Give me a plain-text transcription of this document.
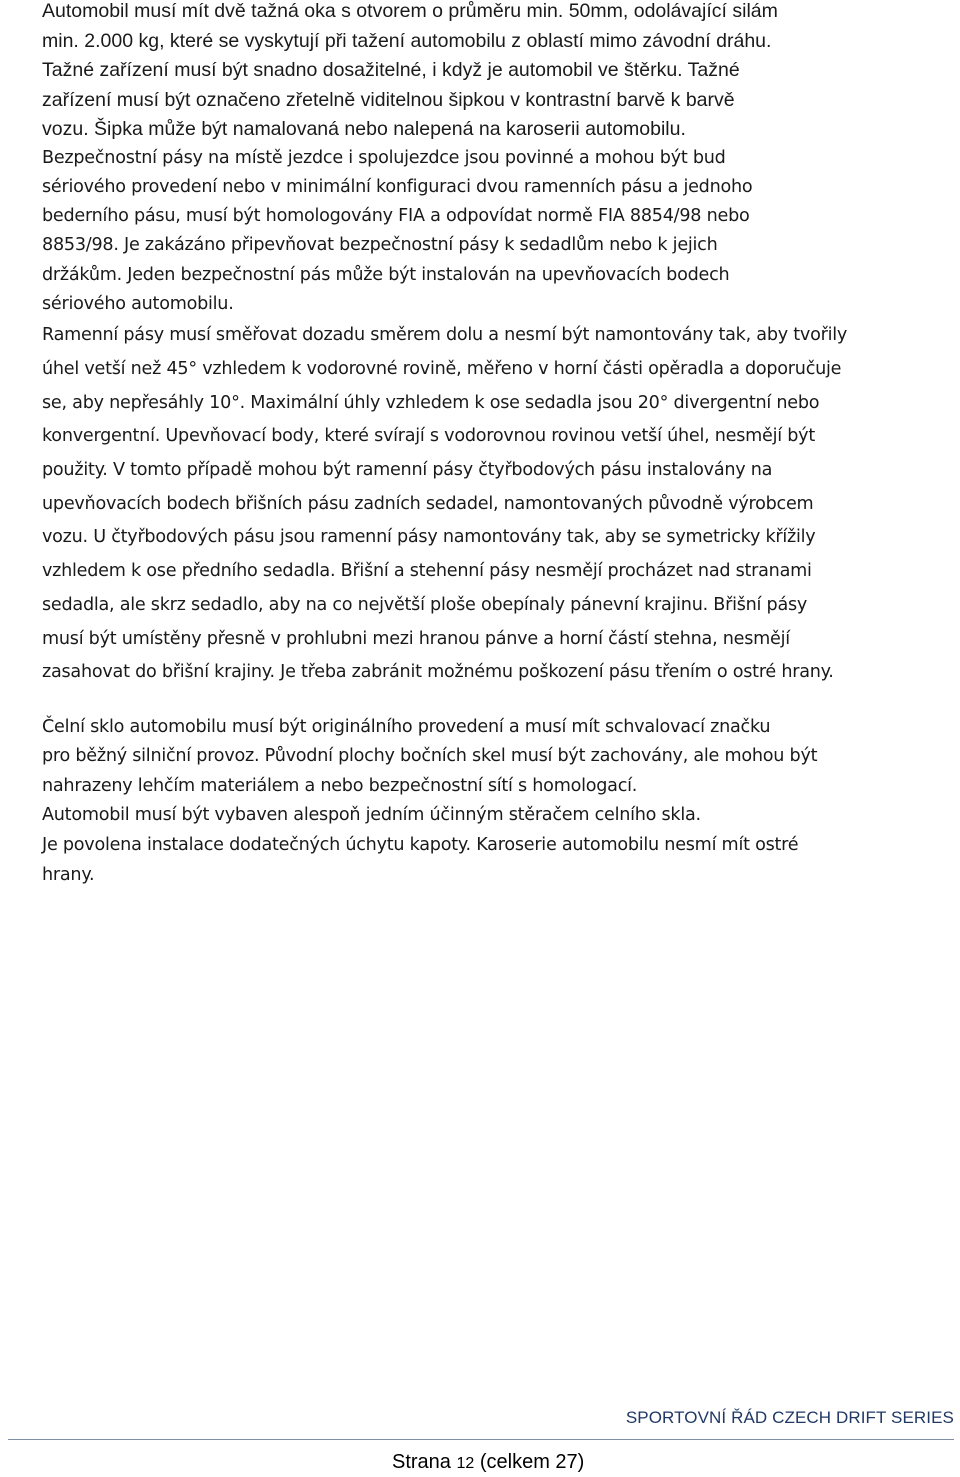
Automobil musí mít dvě tažná oka s otvorem o průměru min. 50mm, odolávající silám
min. 2.000 kg, které se vyskytují při tažení automobilu z oblastí mimo závodní dráhu.
Tažné zařízení musí být snadno dosažitelné, i když je automobil ve štěrku. Tažné
zařízení musí být označeno zřetelně viditelnou šipkou v kontrastní barvě k barvě
vozu. Šipka může být namalovaná nebo nalepená na karoserii automobilu.
Bezpečnostní pásy na místě jezdce i spolujezdce jsou povinné a mohou být bud
sériového provedení nebo v minimální konfiguraci dvou ramenních pásu a jednoho
bederního pásu, musí být homologovány FIA a odpovídat normě FIA 8854/98 nebo
8853/98. Je zakázáno připevňovat bezpečnostní pásy k sedadlům nebo k jejich
držákům. Jeden bezpečnostní pás může být instalován na upevňovacích bodech
sériového automobilu.
Ramenní pásy musí směřovat dozadu směrem dolu a nesmí být namontovány tak, aby tvořily
úhel vetší než 45° vzhledem k vodorovné rovině, měřeno v horní části opěradla a doporučuje
se, aby nepřesáhly 10°. Maximální úhly vzhledem k ose sedadla jsou 20° divergentní nebo
konvergentní. Upevňovací body, které svírají s vodorovnou rovinou vetší úhel, nesmějí být
použity. V tomto případě mohou být ramenní pásy čtyřbodových pásu instalovány na
upevňovacích bodech břišních pásu zadních sedadel, namontovaných původně výrobcem
vozu. U čtyřbodových pásu jsou ramenní pásy namontovány tak, aby se symetricky křížily
vzhledem k ose předního sedadla. Břišní a stehenní pásy nesmějí procházet nad stranami
sedadla, ale skrz sedadlo, aby na co největší ploše obepínaly pánevní krajinu. Břišní pásy
musí být umístěny přesně v prohlubni mezi hranou pánve a horní částí stehna, nesmějí
zasahovat do břišní krajiny. Je třeba zabránit možnému poškození pásu třením o ostré hrany.
Čelní sklo automobilu musí být originálního provedení a musí mít schvalovací značku
pro běžný silniční provoz. Původní plochy bočních skel musí být zachovány, ale mohou být
nahrazeny lehčím materiálem a nebo bezpečnostní sítí s homologací.
Automobil musí být vybaven alespoň jedním účinným stěračem celního skla.
Je povolena instalace dodatečných úchytu kapoty. Karoserie automobilu nesmí mít ostré
hrany.
SPORTOVNÍ ŘÁD CZECH DRIFT SERIES
Strana 12 (celkem 27)
